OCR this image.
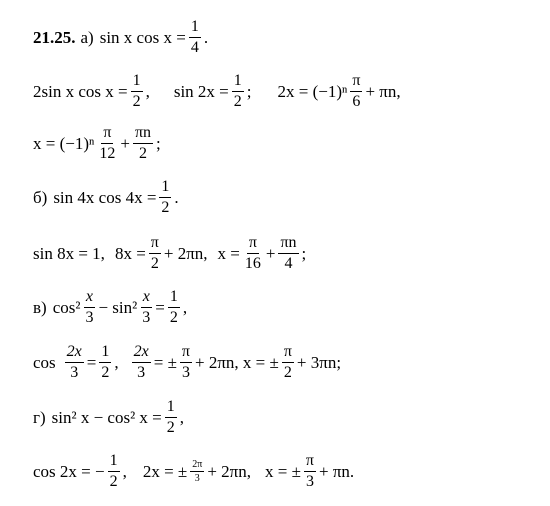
21.25. а) sin x $\cos x = \frac{1}{4}$ .
2sin x $\cos x = \frac{1}{2}$ , $\sin 2x = \frac{1}{2}$ ; $2x = (-1)^n \frac{\pi}{6} + \pi n$,
$x = (-1)^n \frac{\pi}{12} + \frac{\pi n}{2}$ ;
б) sin 4x $\cos 4x = \frac{1}{2}$ .
sin 8x = 1, $8x = \frac{\pi}{2} + 2\pi n$, $x = \frac{\pi}{16} + \frac{\pi n}{4}$ ;
в) $\cos^2 \frac{x}{3} - \sin^2 \frac{x}{3} = \frac{1}{2}$ ,
$\cos \frac{2x}{3} = \frac{1}{2}$ , $\frac{2x}{3}$ = ± $\frac{\pi}{3} + 2\pi n$, x = ± $\frac{\pi}{2} + 3\pi n$;
г) sin² x − cos² $x = \frac{1}{2}$ ,
cos 2x = − $\frac{1}{2}$ , 2x = ± $\frac{2\pi}{3} + 2\pi n$, x = ± $\frac{\pi}{3} + \pi n$.
